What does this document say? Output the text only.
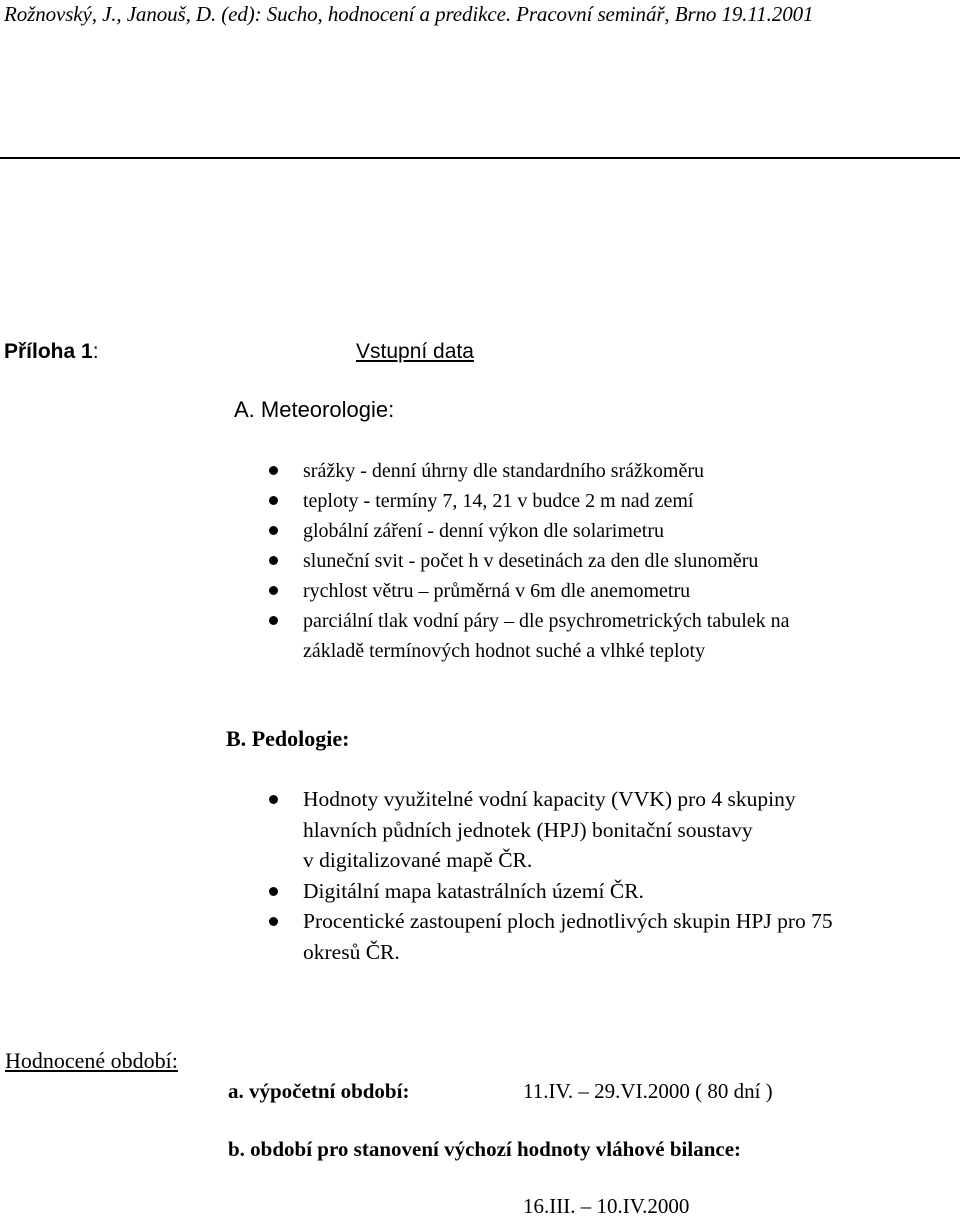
Rožnovský, J., Janouš, D. (ed): Sucho, hodnocení a predikce. Pracovní seminář, Brno 19.11.2001
Příloha 1:	Vstupní data
A. Meteorologie:
srážky - denní úhrny dle standardního srážkoměru
teploty - termíny 7, 14, 21 v budce 2 m nad zemí
globální záření - denní výkon dle solarimetru
sluneční svit - počet h v desetinách za den dle slunoměru
rychlost větru – průměrná v 6m dle anemometru
parciální tlak vodní páry – dle psychrometrických tabulek na
základě termínových hodnot suché a vlhké teploty
B. Pedologie:
Hodnoty využitelné vodní kapacity (VVK) pro 4 skupiny
hlavních půdních jednotek (HPJ) bonitační soustavy
v digitalizované mapě ČR.
Digitální mapa katastrálních území ČR.
Procentické zastoupení ploch jednotlivých skupin HPJ pro 75
okresů ČR.
Hodnocené období:
a. výpočetní období:	11.IV. – 29.VI.2000 ( 80 dní )
b. období pro stanovení výchozí hodnoty vláhové bilance:
16.III. – 10.IV.2000
